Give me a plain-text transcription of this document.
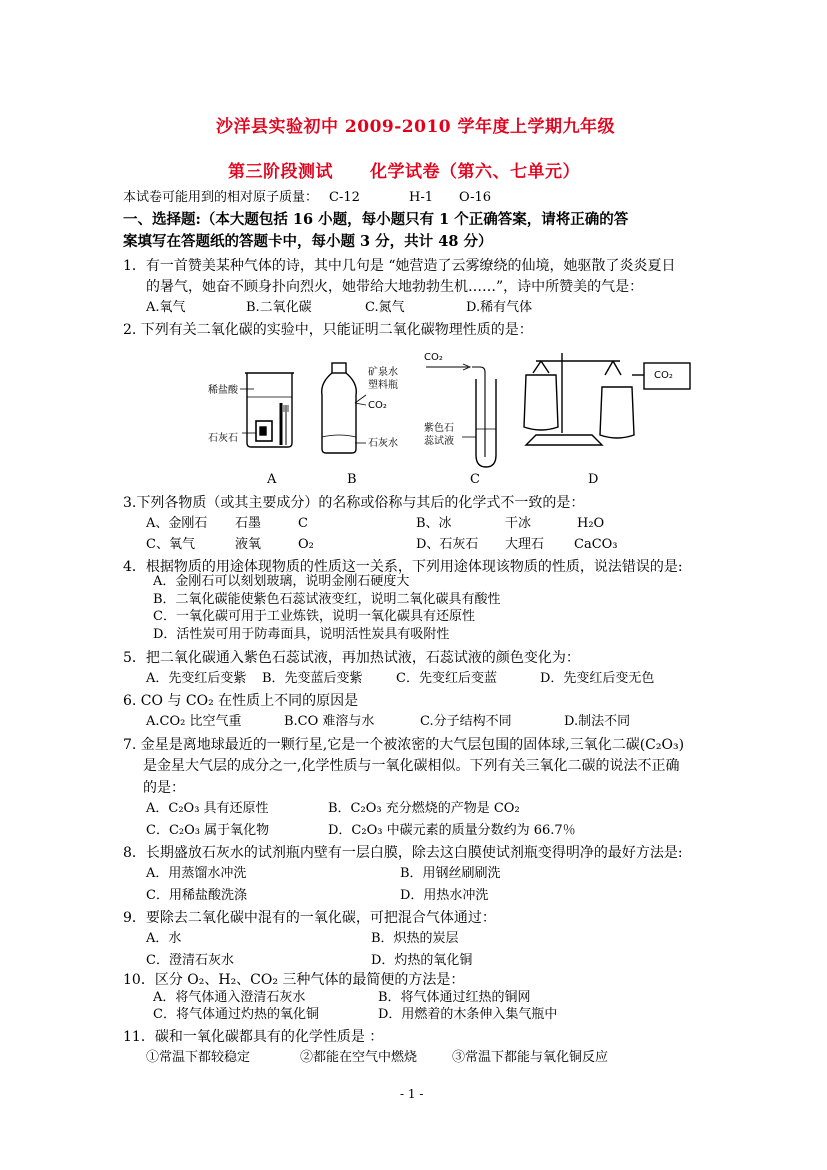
沙洋县实验初中 2009-2010 学年度上学期九年级
第三阶段测试 化学试卷（第六、七单元）
本试卷可能用到的相对原子质量： C-12	H-1 O-16
一、选择题:（本大题包括 16 小题，每小题只有 1 个正确答案，请将正确的答
案填写在答题纸的答题卡中，每小题 3 分，共计 48 分）
1．有一首赞美某种气体的诗，其中几句是 “她营造了云雾缭绕的仙境，她驱散了炎炎夏日
的暑气，她奋不顾身扑向烈火，她带给大地勃勃生机……”，诗中所赞美的气是：
A.氧气	B.二氧化碳	C.氮气	D.稀有气体
2. 下列有关二氧化碳的实验中，只能证明二氧化碳物理性质的是：
稀盐酸
石灰石
矿泉水
塑料瓶
CO₂
石灰水
CO₂
紫色石
蕊试液
CO₂
A	B	C	D
3.下列各物质（或其主要成分）的名称或俗称与其后的化学式不一致的是：
A、金刚石 石墨	C	B、冰	干冰	H₂O
C、氧气	液氧	O₂	D、石灰石 大理石 CaCO₃
4．根据物质的用途体现物质的性质这一关系，下列用途体现该物质的性质，说法错误的是:
A．金刚石可以刻划玻璃，说明金刚石硬度大
B．二氧化碳能使紫色石蕊试液变红，说明二氧化碳具有酸性
C．一氧化碳可用于工业炼铁，说明一氧化碳具有还原性
D．活性炭可用于防毒面具，说明活性炭具有吸附性
5．把二氧化碳通入紫色石蕊试液，再加热试液，石蕊试液的颜色变化为：
A．先变红后变紫 B．先变蓝后变紫	C．先变红后变蓝	D．先变红后变无色
6. CO 与 CO₂ 在性质上不同的原因是
A.CO₂ 比空气重	B.CO 难溶与水	C.分子结构不同	D.制法不同
7. 金星是离地球最近的一颗行星,它是一个被浓密的大气层包围的固体球,三氧化二碳(C₂O₃)
是金星大气层的成分之一,化学性质与一氧化碳相似。下列有关三氧化二碳的说法不正确
的是：
A．C₂O₃ 具有还原性	B．C₂O₃ 充分燃烧的产物是 CO₂
C．C₂O₃ 属于氧化物	D．C₂O₃ 中碳元素的质量分数约为 66.7％
8．长期盛放石灰水的试剂瓶内壁有一层白膜，除去这白膜使试剂瓶变得明净的最好方法是:
A．用蒸馏水冲洗	B．用钢丝刷刷洗
C．用稀盐酸洗涤	D．用热水冲洗
9．要除去二氧化碳中混有的一氧化碳，可把混合气体通过：
A．水	B．炽热的炭层
C．澄清石灰水	D．灼热的氧化铜
10．区分 O₂、H₂、CO₂ 三种气体的最简便的方法是：
A．将气体通入澄清石灰水	B．将气体通过红热的铜网
C．将气体通过灼热的氧化铜	D．用燃着的木条伸入集气瓶中
11．碳和一氧化碳都具有的化学性质是 ：
①常温下都较稳定	②都能在空气中燃烧	③常温下都能与氧化铜反应
- 1 -
